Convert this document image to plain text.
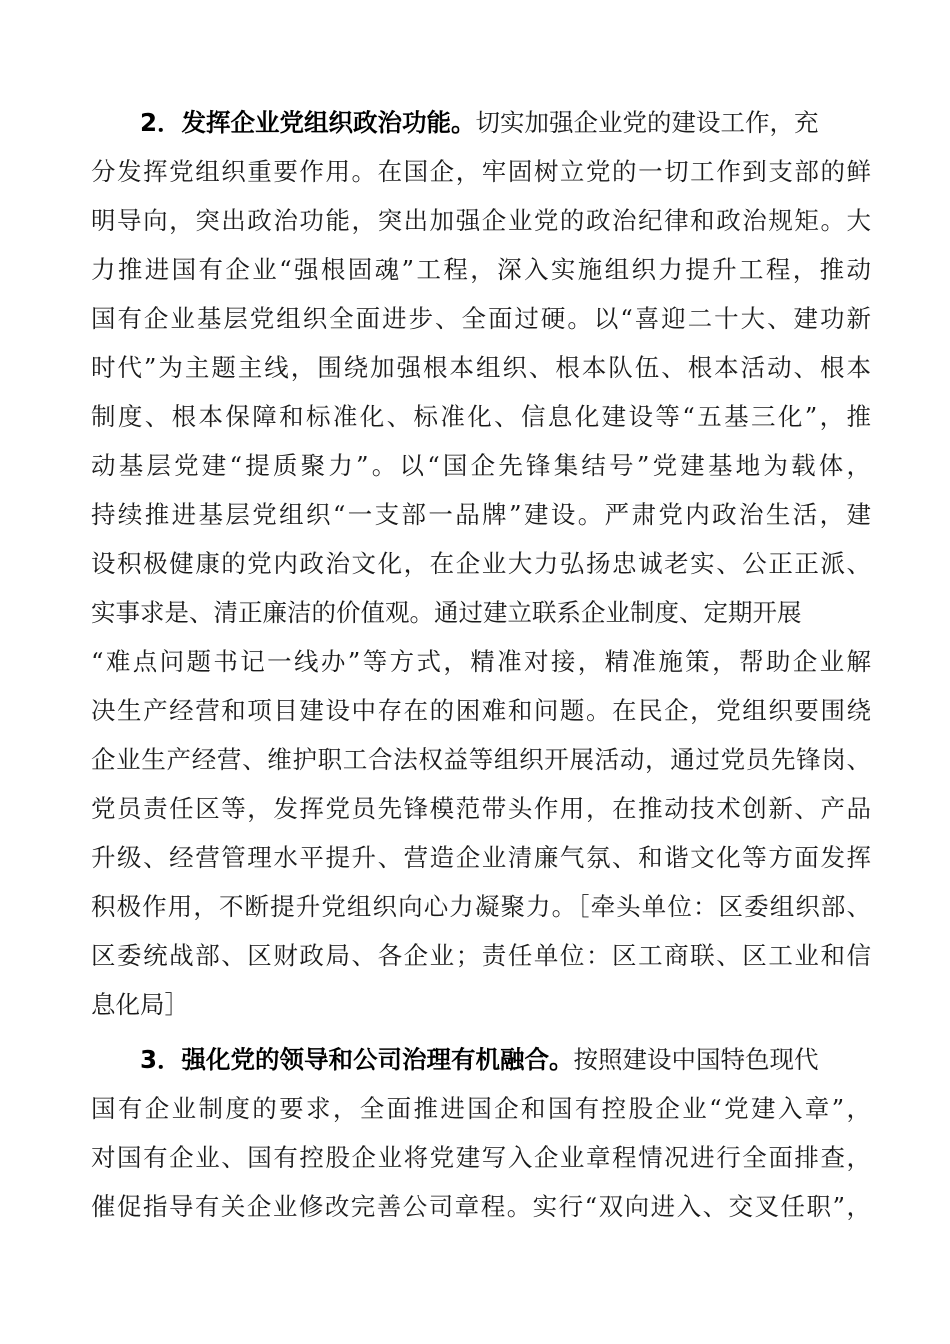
2．发挥企业党组织政治功能。切实加强企业党的建设工作，充
分发挥党组织重要作用。在国企，牢固树立党的一切工作到支部的鲜
明导向，突出政治功能，突出加强企业党的政治纪律和政治规矩。大
力推进国有企业“强根固魂”工程，深入实施组织力提升工程，推动
国有企业基层党组织全面进步、全面过硬。以“喜迎二十大、建功新
时代”为主题主线，围绕加强根本组织、根本队伍、根本活动、根本
制度、根本保障和标准化、标准化、信息化建设等“五基三化”，推
动基层党建“提质聚力”。以“国企先锋集结号”党建基地为载体，
持续推进基层党组织“一支部一品牌”建设。严肃党内政治生活，建
设积极健康的党内政治文化，在企业大力弘扬忠诚老实、公正正派、
实事求是、清正廉洁的价值观。通过建立联系企业制度、定期开展
“难点问题书记一线办”等方式，精准对接，精准施策，帮助企业解
决生产经营和项目建设中存在的困难和问题。在民企，党组织要围绕
企业生产经营、维护职工合法权益等组织开展活动，通过党员先锋岗、
党员责任区等，发挥党员先锋模范带头作用，在推动技术创新、产品
升级、经营管理水平提升、营造企业清廉气氛、和谐文化等方面发挥
积极作用，不断提升党组织向心力凝聚力。［牵头单位：区委组织部、
区委统战部、区财政局、各企业；责任单位：区工商联、区工业和信
息化局］
3．强化党的领导和公司治理有机融合。按照建设中国特色现代
国有企业制度的要求，全面推进国企和国有控股企业“党建入章”，
对国有企业、国有控股企业将党建写入企业章程情况进行全面排查，
催促指导有关企业修改完善公司章程。实行“双向进入、交叉任职”，
